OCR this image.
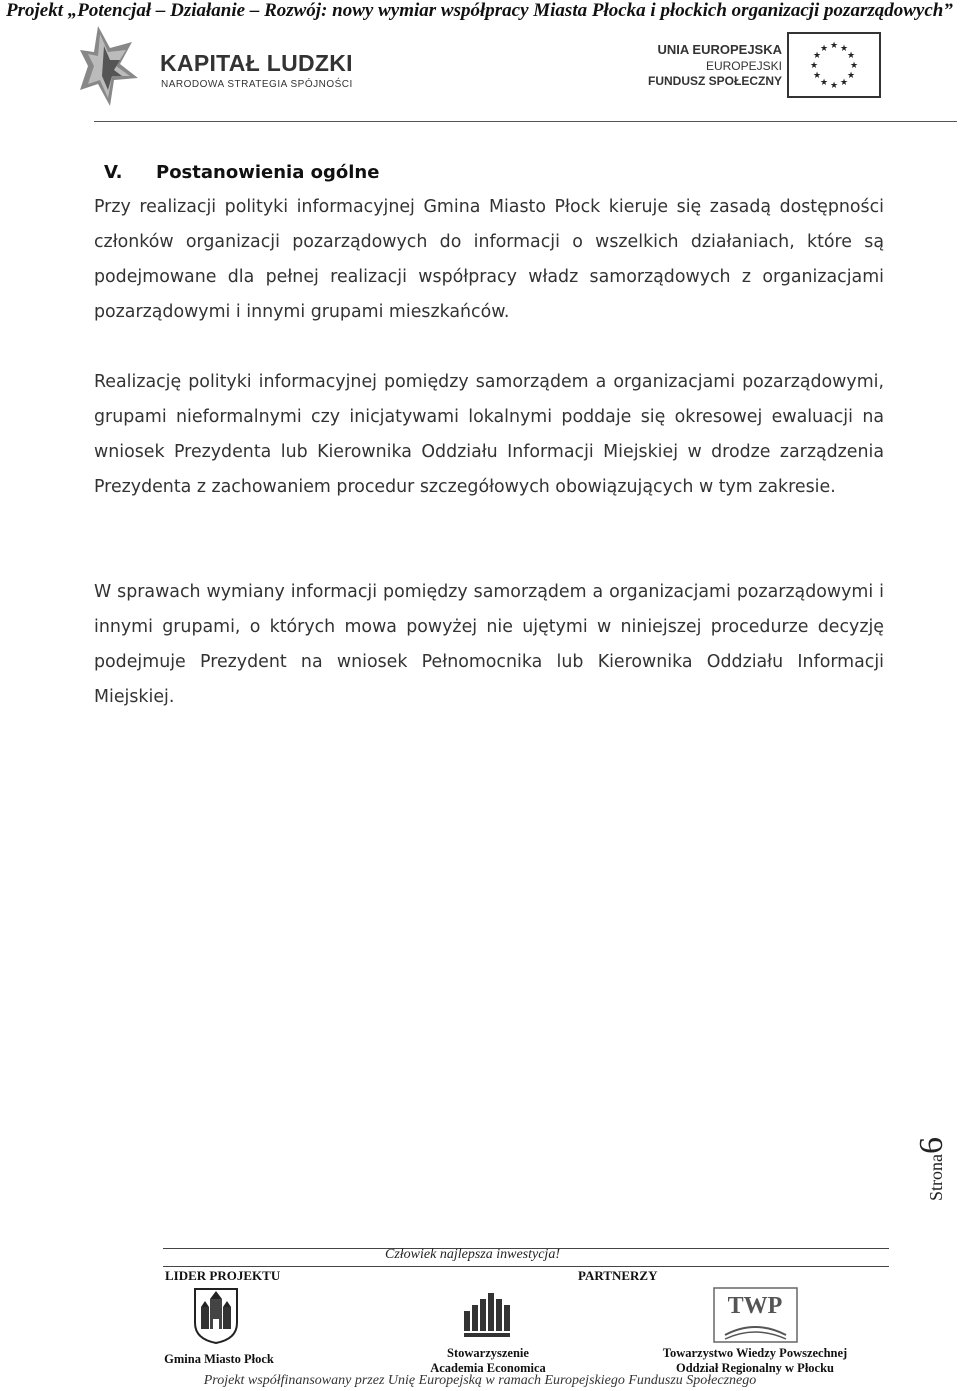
Projekt „Potencjał – Działanie – Rozwój: nowy wymiar współpracy Miasta Płocka i płockich organizacji pozarządowych”
KAPITAŁ LUDZKI
NARODOWA STRATEGIA SPÓJNOŚCI
UNIA EUROPEJSKA
EUROPEJSKI
FUNDUSZ SPOŁECZNY
★ ★
★
★
★
★
★
★
★
★
★
★
V. Postanowienia ogólne
Przy realizacji polityki informacyjnej Gmina Miasto Płock kieruje się zasadą dostępności członków organizacji pozarządowych do informacji o wszelkich działaniach, które są podejmowane dla pełnej realizacji współpracy władz samorządowych z organizacjami pozarządowymi i innymi grupami mieszkańców.
Realizację polityki informacyjnej pomiędzy samorządem a organizacjami pozarządowymi, grupami nieformalnymi czy inicjatywami lokalnymi poddaje się okresowej ewaluacji na wniosek Prezydenta lub Kierownika Oddziału Informacji Miejskiej w drodze zarządzenia Prezydenta z zachowaniem procedur szczegółowych obowiązujących w tym zakresie.
W sprawach wymiany informacji pomiędzy samorządem a organizacjami pozarządowymi i innymi grupami, o których mowa powyżej nie ujętymi w niniejszej procedurze decyzję podejmuje Prezydent na wniosek Pełnomocnika lub Kierownika Oddziału Informacji Miejskiej.
Strona6
Człowiek najlepsza inwestycja!
LIDER PROJEKTU	PARTNERZY
TWP
Gmina Miasto Płock	Stowarzyszenie
Academia Economica
Towarzystwo Wiedzy Powszechnej
Oddział Regionalny w Płocku
Projekt współfinansowany przez Unię Europejską w ramach Europejskiego Funduszu Społecznego
